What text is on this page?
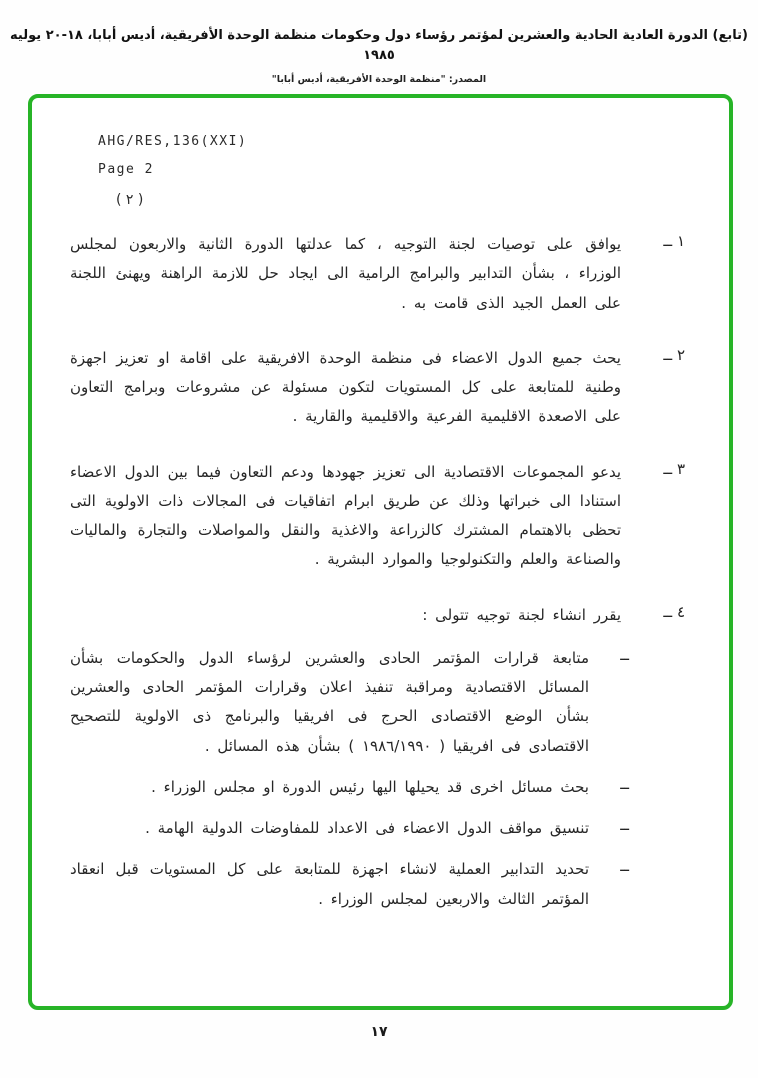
(تابع) الدورة العادية الحادية والعشرين لمؤتمر رؤساء دول وحكومات منظمة الوحدة الأفريقية، أديس أبابا، ١٨-٢٠ يوليه ١٩٨٥
المصدر: "منظمة الوحدة الأفريقية، أديس أبابا"
AHG/RES,136(XXI)
Page 2
( ٢ )
١ ــ
يوافق على توصيات لجنة التوجيه ، كما عدلتها الدورة الثانية والاربعون لمجلس الوزراء ، بشأن التدابير والبرامج الرامية الى ايجاد حل للازمة الراهنة ويهنئ اللجنة على العمل الجيد الذى قامت به .
٢ ــ
يحث جميع الدول الاعضاء فى منظمة الوحدة الافريقية على اقامة او تعزيز اجهزة وطنية للمتابعة على كل المستويات لتكون مسئولة عن مشروعات وبرامج التعاون على الاصعدة الاقليمية الفرعية والاقليمية والقارية .
٣ ــ
يدعو المجموعات الاقتصادية الى تعزيز جهودها ودعم التعاون فيما بين الدول الاعضاء استنادا الى خبراتها وذلك عن طريق ابرام اتفاقيات فى المجالات ذات الاولوية التى تحظى بالاهتمام المشترك كالزراعة والاغذية والنقل والمواصلات والتجارة والماليات والصناعة والعلم والتكنولوجيا والموارد البشرية .
٤ ــ
يقرر انشاء لجنة توجيه تتولى :
ــ
متابعة قرارات المؤتمر الحادى والعشرين لرؤساء الدول والحكومات بشأن المسائل الاقتصادية ومراقبة تنفيذ اعلان وقرارات المؤتمر الحادى والعشرين بشأن الوضع الاقتصادى الحرج فى افريقيا والبرنامج ذى الاولوية للتصحيح الاقتصادى فى افريقيا ( ١٩٨٦/١٩٩٠ ) بشأن هذه المسائل .
ــ
بحث مسائل اخرى قد يحيلها اليها رئيس الدورة او مجلس الوزراء .
ــ
تنسيق مواقف الدول الاعضاء فى الاعداد للمفاوضات الدولية الهامة .
ــ
تحديد التدابير العملية لانشاء اجهزة للمتابعة على كل المستويات قبل انعقاد المؤتمر الثالث والاربعين لمجلس الوزراء .
١٧
